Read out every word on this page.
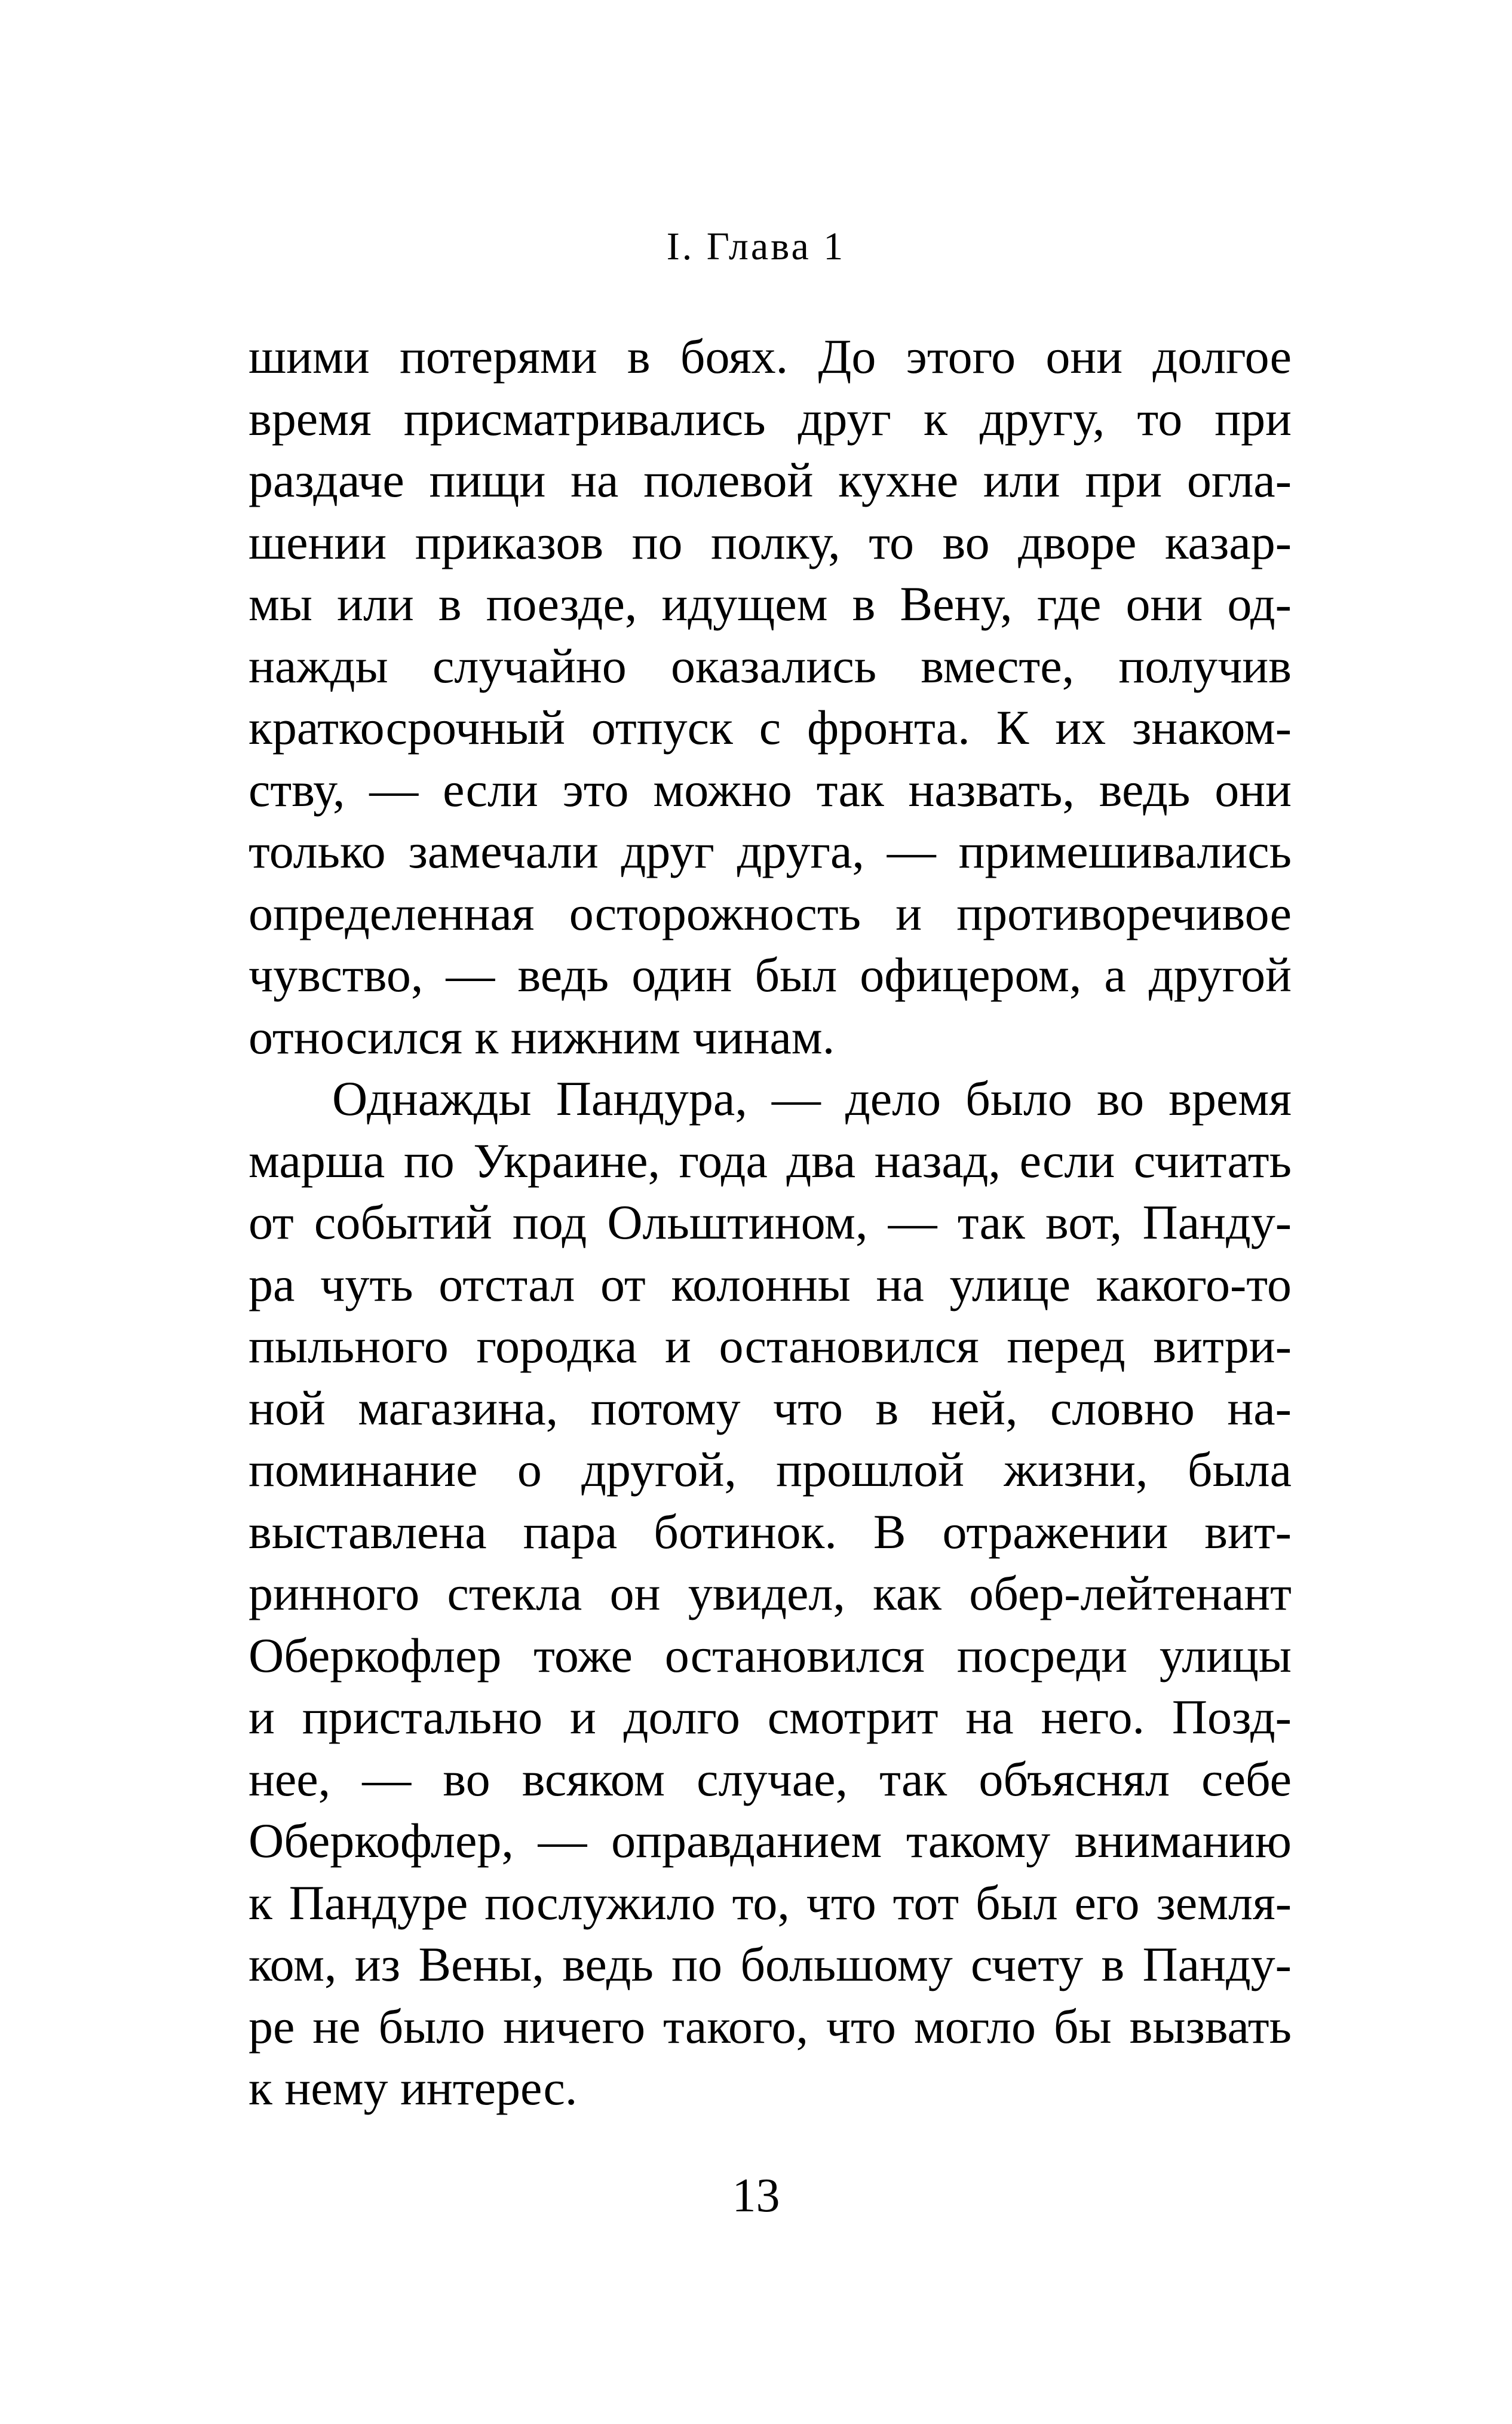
I. Глава 1
шими потерями в боях. До этого они долгое
время присматривались друг к другу, то при
раздаче пищи на полевой кухне или при огла-
шении приказов по полку, то во дворе казар-
мы или в поезде, идущем в Вену, где они од-
нажды случайно оказались вместе, получив
краткосрочный отпуск с фронта. К их знаком-
ству, — если это можно так назвать, ведь они
только замечали друг друга, — примешивались
определенная осторожность и противоречивое
чувство, — ведь один был офицером, а другой
относился к нижним чинам.
Однажды Пандура, — дело было во время
марша по Украине, года два назад, если считать
от событий под Ольштином, — так вот, Панду-
ра чуть отстал от колонны на улице какого-то
пыльного городка и остановился перед витри-
ной магазина, потому что в ней, словно на-
поминание о другой, прошлой жизни, была
выставлена пара ботинок. В отражении вит-
ринного стекла он увидел, как обер-лейтенант
Оберкофлер тоже остановился посреди улицы
и пристально и долго смотрит на него. Позд-
нее, — во всяком случае, так объяснял себе
Оберкофлер, — оправданием такому вниманию
к Пандуре послужило то, что тот был его земля-
ком, из Вены, ведь по большому счету в Панду-
ре не было ничего такого, что могло бы вызвать
к нему интерес.
13
